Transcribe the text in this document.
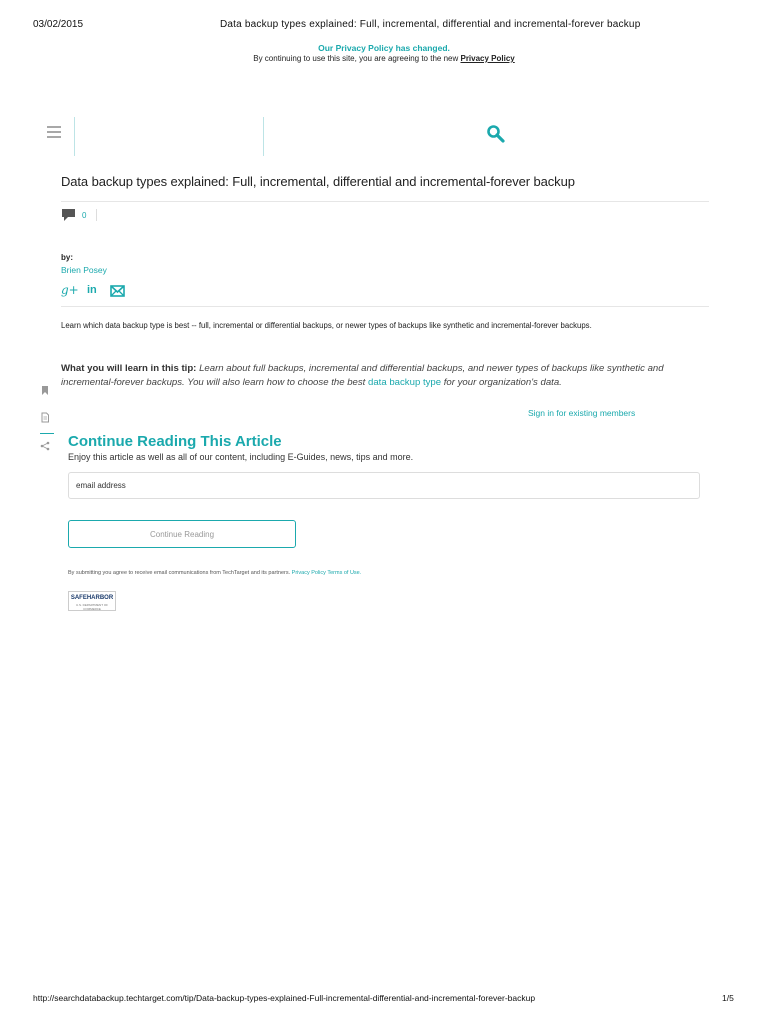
03/02/2015	Data backup types explained: Full, incremental, differential and incremental-forever backup
Our Privacy Policy has changed.
By continuing to use this site, you are agreeing to the new Privacy Policy
Data backup types explained: Full, incremental, differential and incremental-forever backup
0
by:
Brien Posey
g+ in
Learn which data backup type is best -- full, incremental or differential backups, or newer types of backups like synthetic and incremental-forever backups.
What you will learn in this tip: Learn about full backups, incremental and differential backups, and newer types of backups like synthetic and incremental-forever backups. You will also learn how to choose the best data backup type for your organization's data.
Sign in for existing members
Continue Reading This Article
Enjoy this article as well as all of our content, including E-Guides, news, tips and more.
email address
Continue Reading
By submitting you agree to receive email communications from TechTarget and its partners. Privacy Policy Terms of Use.
SAFEHARBOR
U.S. DEPARTMENT OF COMMERCE
http://searchdatabackup.techtarget.com/tip/Data-backup-types-explained-Full-incremental-differential-and-incremental-forever-backup	1/5
